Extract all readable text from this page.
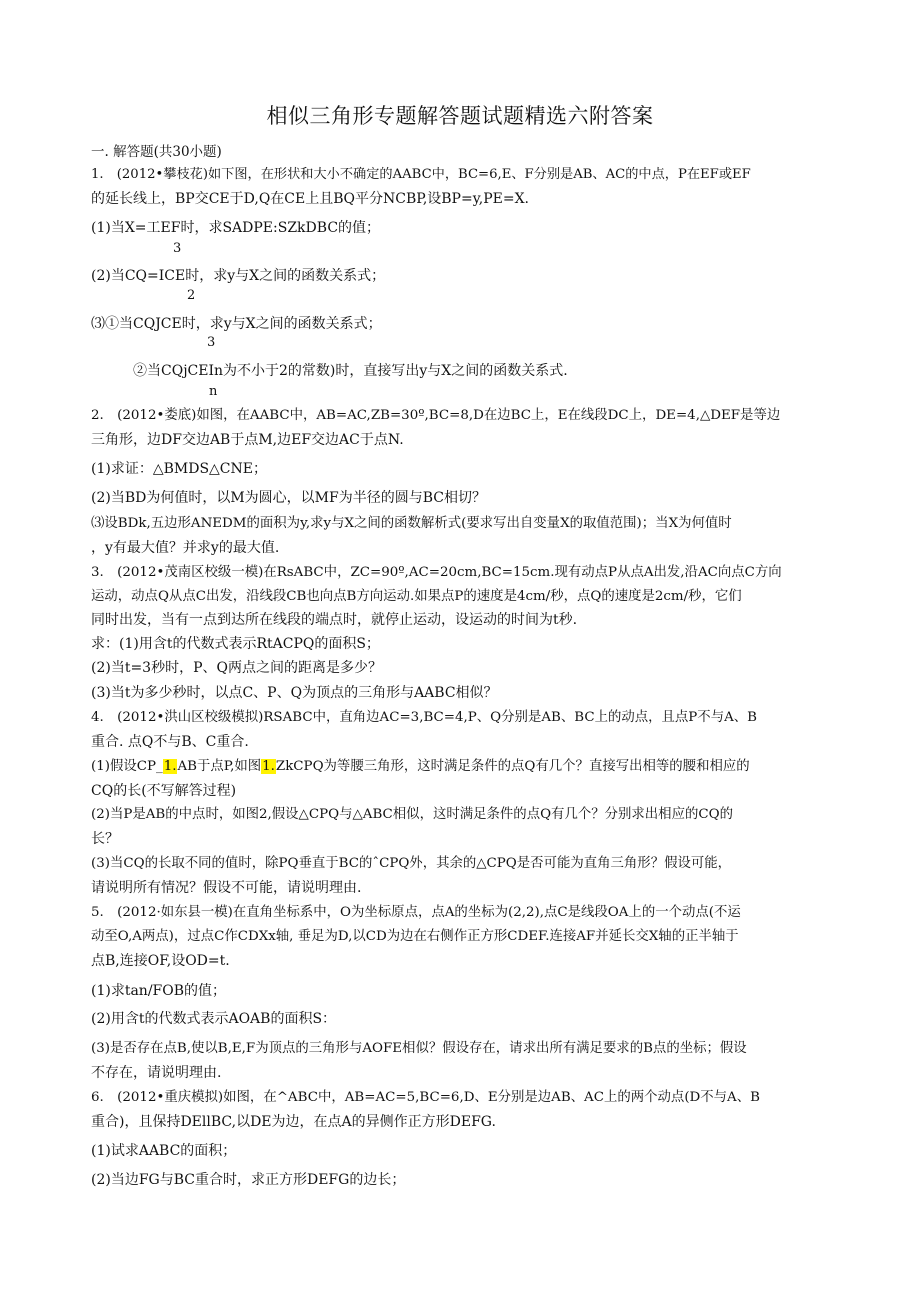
相似三角形专题解答题试题精选六附答案
一. 解答题(共30小题)
1.　(2012•攀枝花)如下图，在形状和大小不确定的AABC中，BC=6,E、F分别是AB、AC的中点，P在EF或EF
的延长线上，BP交CE于D,Q在CE上且BQ平分NCBP,设BP=y,PE=X.
(1)当X=工EF时，求SADPE:SZkDBC的值；
3
(2)当CQ=ICE时，求y与X之间的函数关系式；
2
⑶①当CQJCE时，求y与X之间的函数关系式；
3
②当CQjCEIn为不小于2的常数)时，直接写出y与X之间的函数关系式.
n
2.　(2012•娄底)如图，在AABC中，AB=AC,ZB=30º,BC=8,D在边BC上，E在线段DC上，DE=4,△DEF是等边
三角形，边DF交边AB于点M,边EF交边AC于点N.
(1)求证：△BMDS△CNE；
(2)当BD为何值时，以M为圆心，以MF为半径的圆与BC相切？
⑶设BDk,五边形ANEDM的面积为y,求y与X之间的函数解析式(要求写出自变量X的取值范围)；当X为何值时
，y有最大值？并求y的最大值.
3.　(2012•茂南区校级一模)在RsABC中，ZC=90º,AC=20cm,BC=15cm.现有动点P从点A出发,沿AC向点C方向
运动，动点Q从点C出发，沿线段CB也向点B方向运动.如果点P的速度是4cm∕秒，点Q的速度是2cm∕秒，它们
同时出发，当有一点到达所在线段的端点时，就停止运动，设运动的时间为t秒.
求：(1)用含t的代数式表示RtACPQ的面积S；
(2)当t=3秒时，P、Q两点之间的距离是多少？
(3)当t为多少秒时，以点C、P、Q为顶点的三角形与AABC相似？
4.　(2012•洪山区校级模拟)RSABC中，直角边AC=3,BC=4,P、Q分别是AB、BC上的动点，且点P不与A、B
重合. 点Q不与B、C重合.
(1)假设CP_1.AB于点P,如图1.ZkCPQ为等腰三角形，这时满足条件的点Q有几个？直接写出相等的腰和相应的
CQ的长(不写解答过程)
(2)当P是AB的中点时，如图2,假设△CPQ与△ABC相似，这时满足条件的点Q有几个？分别求出相应的CQ的
长？
(3)当CQ的长取不同的值时，除PQ垂直于BC的ˆCPQ外，其余的△CPQ是否可能为直角三角形？假设可能，
请说明所有情况？假设不可能，请说明理由.
5.　(2012·如东县一模)在直角坐标系中，O为坐标原点，点A的坐标为(2,2),点C是线段OA上的一个动点(不运
动至O,A两点)，过点C作CDXx轴, 垂足为D,以CD为边在右侧作正方形CDEF.连接AF并延长交X轴的正半轴于
点B,连接OF,设OD=t.
(1)求tan/FOB的值；
(2)用含t的代数式表示AOAB的面积S：
(3)是否存在点B,使以B,E,F为顶点的三角形与AOFE相似？假设存在，请求出所有满足要求的B点的坐标；假设
不存在，请说明理由.
6.　(2012•重庆模拟)如图，在^ABC中，AB=AC=5,BC=6,D、E分别是边AB、AC上的两个动点(D不与A、B
重合)，且保持DEllBC,以DE为边，在点A的异侧作正方形DEFG.
(1)试求AABC的面积；
(2)当边FG与BC重合时，求正方形DEFG的边长；
